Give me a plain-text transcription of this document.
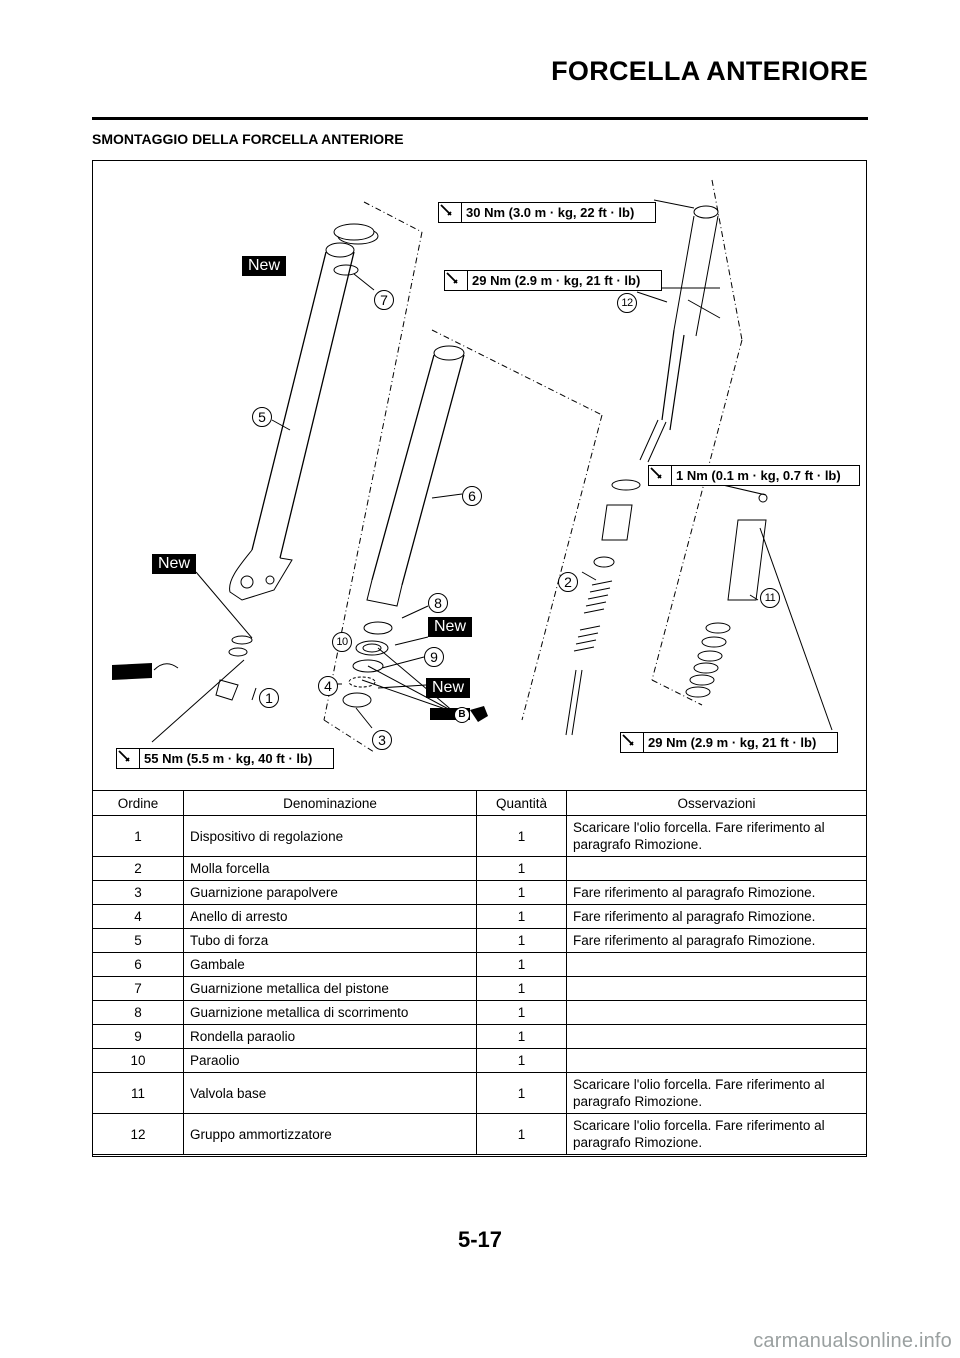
FORCELLA ANTERIORE
SMONTAGGIO DELLA FORCELLA ANTERIORE
30 Nm (3.0 m · kg, 22 ft · lb)
29 Nm (2.9 m · kg, 21 ft · lb)
1 Nm (0.1 m · kg, 0.7 ft · lb)
55 Nm (5.5 m · kg, 40 ft · lb)
29 Nm (2.9 m · kg, 21 ft · lb)
New
New
New
New
B
1
2
3
4
5
6
7
8
9
10
11
12
Ordine	Denominazione	Quantità	Osservazioni
1	Dispositivo di regolazione	1	Scaricare l'olio forcella. Fare riferimento al paragrafo Rimozione.
2	Molla forcella	1	
3	Guarnizione parapolvere	1	Fare riferimento al paragrafo Rimozione.
4	Anello di arresto	1	Fare riferimento al paragrafo Rimozione.
5	Tubo di forza	1	Fare riferimento al paragrafo Rimozione.
6	Gambale	1	
7	Guarnizione metallica del pistone	1	
8	Guarnizione metallica di scorrimento	1	
9	Rondella paraolio	1	
10	Paraolio	1	
11	Valvola base	1	Scaricare l'olio forcella. Fare riferimento al paragrafo Rimozione.
12	Gruppo ammortizzatore	1	Scaricare l'olio forcella. Fare riferimento al paragrafo Rimozione.
5-17
carmanualsonline.info
